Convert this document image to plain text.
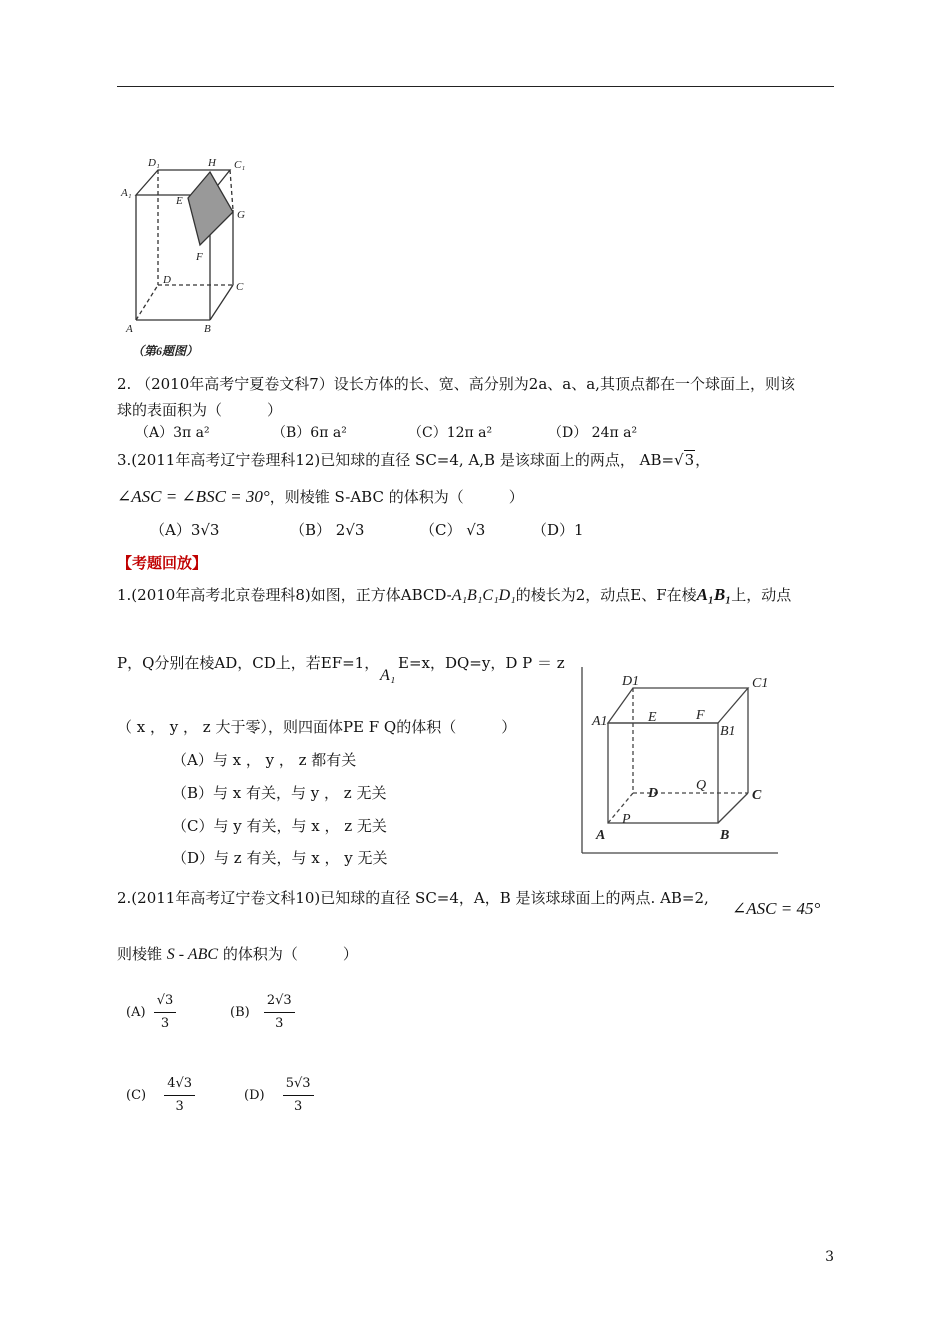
D₁	H C₁
A₁
E
G
F
D
C
A	B
（第6题图）
2. （2010年高考宁夏卷文科7）设长方体的长、宽、高分别为2a、a、a,其顶点都在一个球面上，则该
球的表面积为（　　　）
（A）3π a²	（B）6π a²	（C）12π a²	（D） 24π a²
3.(2011年高考辽宁卷理科12)已知球的直径 SC=4, A,B 是该球面上的两点， AB=√3，
∠ASC = ∠BSC = 30°，则棱锥 S-ABC 的体积为（　　　）
（A）3√3	（B） 2√3	（C） √3	（D）1
【考题回放】
1.(2010年高考北京卷理科8)如图，正方体ABCD-A₁B₁C₁D₁的棱长为2，动点E、F在棱A₁B₁上，动点
P，Q分别在棱AD，CD上，若EF=1，
A₁
E=x，DQ=y，D P ＝ z
（ x ， y ， z 大于零），则四面体PE F Q的体积（　　　）
（A）与 x ， y ， z 都有关
（B）与 x 有关，与 y ， z 无关
（C）与 y 有关，与 x ， z 无关
（D）与 z 有关，与 x ， y 无关
D1	C1
A1	E	F
B1
D
Q
C
A
P
B
2.(2011年高考辽宁卷文科10)已知球的直径 SC=4，A，B 是该球球面上的两点. AB=2,
∠ASC = 45°
则棱锥 S - ABC 的体积为（　　　）
$(A) \frac{√3}{3}$	$(B) \frac{2√3}{3}$
$(C) \frac{4√3}{3}$	$(D) \frac{5√3}{3}$
3
